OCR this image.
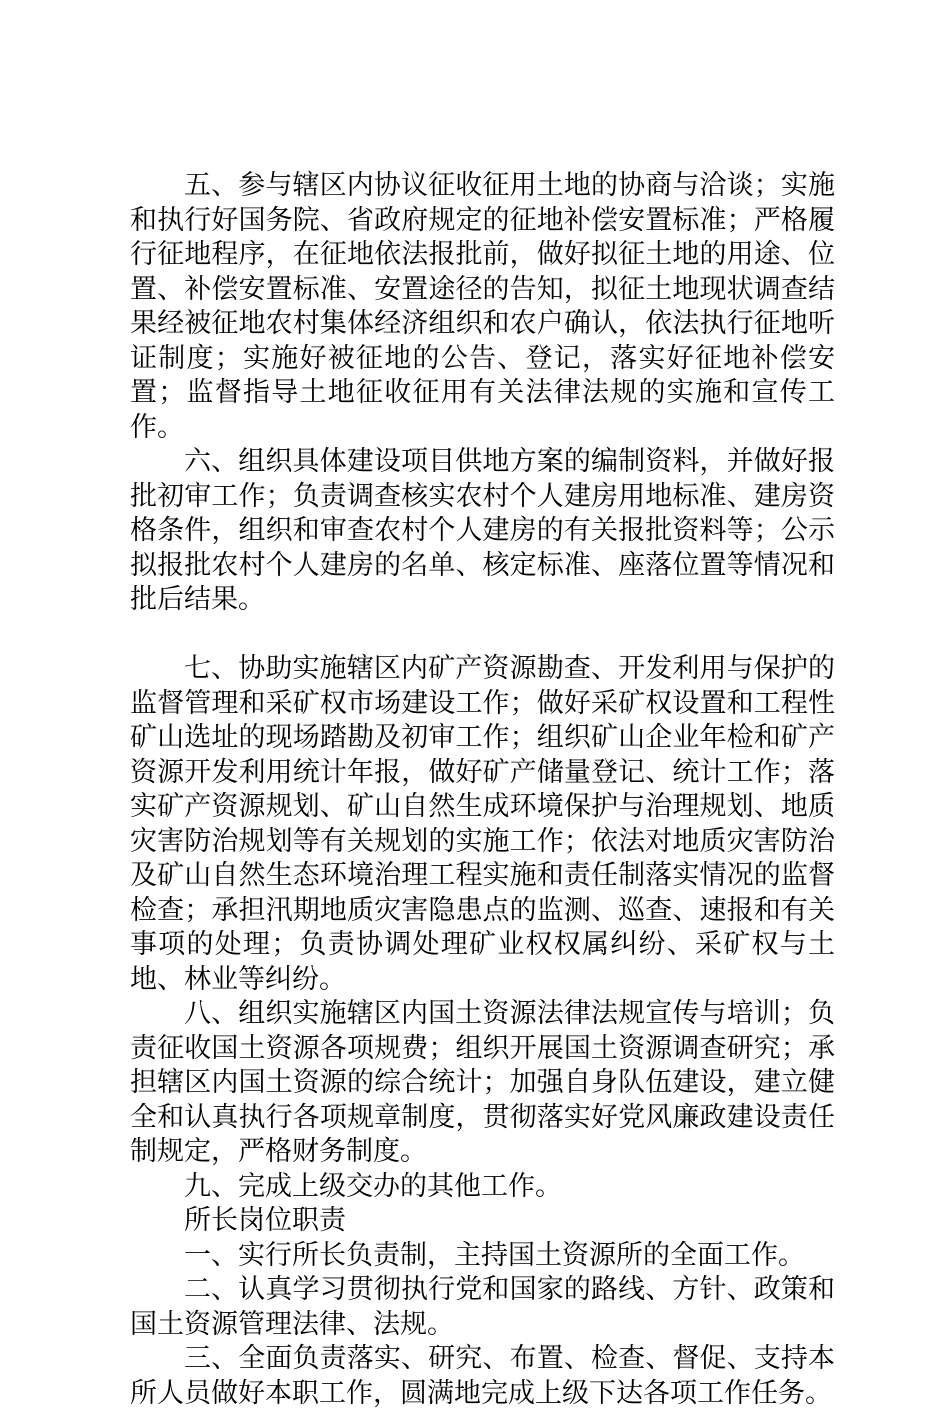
五、参与辖区内协议征收征用土地的协商与洽谈；实施和执行好国务院、省政府规定的征地补偿安置标准；严格履行征地程序，在征地依法报批前，做好拟征土地的用途、位置、补偿安置标准、安置途径的告知，拟征土地现状调查结果经被征地农村集体经济组织和农户确认，依法执行征地听证制度；实施好被征地的公告、登记，落实好征地补偿安置；监督指导土地征收征用有关法律法规的实施和宣传工作。

六、组织具体建设项目供地方案的编制资料，并做好报批初审工作；负责调查核实农村个人建房用地标准、建房资格条件，组织和审查农村个人建房的有关报批资料等；公示拟报批农村个人建房的名单、核定标准、座落位置等情况和批后结果。

七、协助实施辖区内矿产资源勘查、开发利用与保护的监督管理和采矿权市场建设工作；做好采矿权设置和工程性矿山选址的现场踏勘及初审工作；组织矿山企业年检和矿产资源开发利用统计年报，做好矿产储量登记、统计工作；落实矿产资源规划、矿山自然生成环境保护与治理规划、地质灾害防治规划等有关规划的实施工作；依法对地质灾害防治及矿山自然生态环境治理工程实施和责任制落实情况的监督检查；承担汛期地质灾害隐患点的监测、巡查、速报和有关事项的处理；负责协调处理矿业权权属纠纷、采矿权与土地、林业等纠纷。

八、组织实施辖区内国土资源法律法规宣传与培训；负责征收国土资源各项规费；组织开展国土资源调查研究；承担辖区内国土资源的综合统计；加强自身队伍建设，建立健全和认真执行各项规章制度，贯彻落实好党风廉政建设责任制规定，严格财务制度。

九、完成上级交办的其他工作。

所长岗位职责

一、实行所长负责制，主持国土资源所的全面工作。

二、认真学习贯彻执行党和国家的路线、方针、政策和国土资源管理法律、法规。

三、全面负责落实、研究、布置、检查、督促、支持本所人员做好本职工作，圆满地完成上级下达各项工作任务。
